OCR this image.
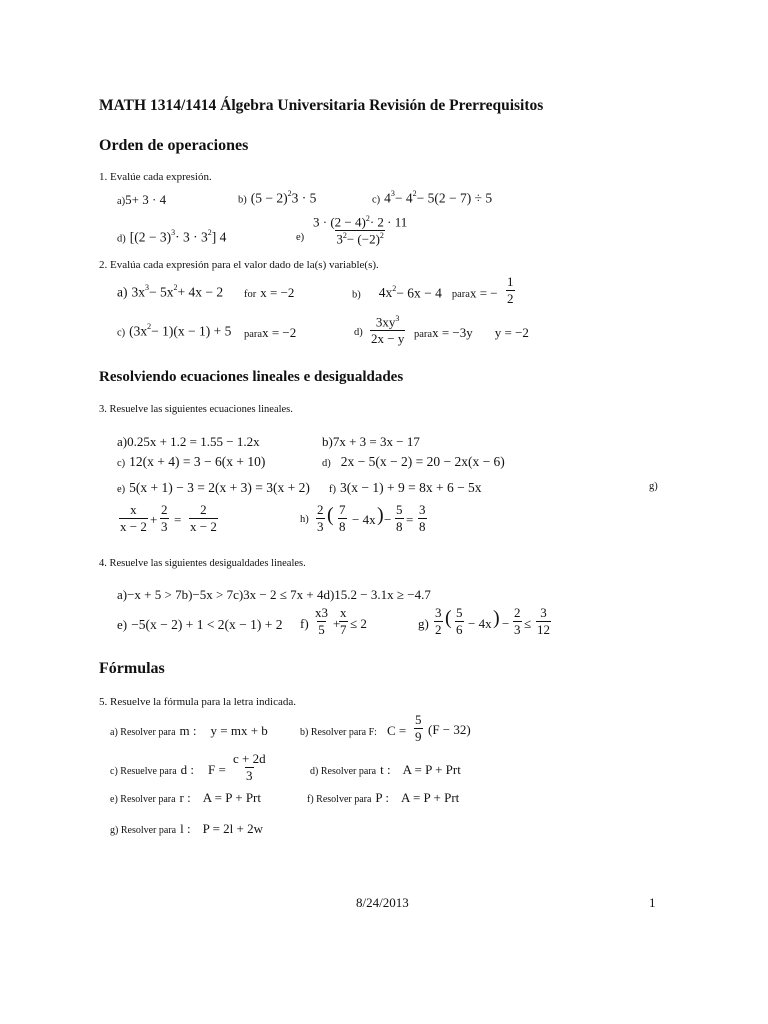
MATH 1314/1414 Álgebra Universitaria Revisión de Prerrequisitos
Orden de operaciones
1. Evalúe cada expresión.
a)5+ 3 · 4	b) $(5 - 2)^23 \cdot 5$	c) $4^3- 4^2- 5(2 - 7) \div 5$
d) $[(2 - 3)^3\cdot 3 \cdot 3^2]$ 4	$e) \frac{3 \cdot (2 - 4)^2\cdot 2 \cdot 11}{3^2- (-2)^2}$
2. Evalúa cada expresión para el valor dado de la(s) variable(s).
a) $3x^3- 5x^2+ 4x - 2$ for x = −2	b) $4x^2- 6x - 4$ parax = − $\frac{1}{2}$
c) $(3x^2- 1)(x - 1) + 5$ parax = −2	$d) \frac{3xy^3}{2x - y}$ parax = −3y y = −2
Resolviendo ecuaciones lineales e desigualdades
3. Resuelve las siguientes ecuaciones lineales.
a)0.25x + 1.2 = 1.55 − 1.2x	b)7x + 3 = 3x − 17
c) 12(x + 4) = 3 − 6(x + 10)	d) 2x − 5(x − 2) = 20 − 2x(x − 6)
e) 5(x + 1) − 3 = 2(x + 3) = 3(x + 2) f) 3(x − 1) + 9 = 8x + 6 − 5x	g)
$\frac{x}{x - 2} + \frac{2}{3} = \frac{2}{x - 2}$	$h) \frac{2}{3}$ ( $\frac{7}{8} - 4x$ ) − $\frac{5}{8} = \frac{3}{8}$
4. Resuelve las siguientes desigualdades lineales.
a)−x + 5 > 7b)−5x > 7c)3x − 2 ≤ 7x + 4d)15.2 − 3.1x ≥ −4.7
e) −5(x − 2) + 1 < 2(x − 1) + 2 $f) \frac{x3}{5}$ +
$\frac{x}{7} \le 2$	$g) \frac{3}{2}$ ( $\frac{5}{6} - 4x$ ) − $\frac{2}{3} \le \frac{3}{12}$
Fórmulas
5. Resuelve la fórmula para la letra indicada.
a) Resolver para m : y = mx + b	b) Resolver para F: $C = \frac{5}{9} (F - 32)$
c) Resuelve para d : $F = \frac{c + 2d}{3}$	d) Resolver para t : A = P + Prt
e) Resolver para r : A = P + Prt	f) Resolver para P : A = P + Prt
g) Resolver para l : P = 2l + 2w
8/24/2013	1
